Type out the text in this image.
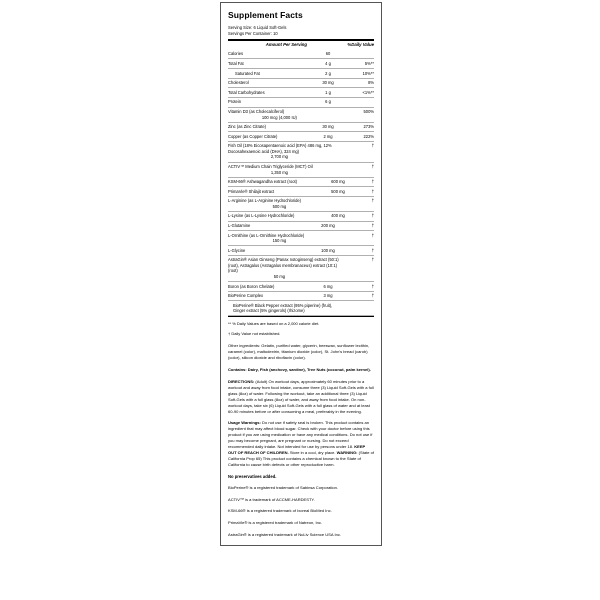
Supplement Facts
Serving Size: 6 Liquid Soft-Gels
Servings Per Container: 10
Amount Per Serving		%Daily Value
Calories	60	
Total Fat	4 g	5%**
Saturated Fat	2 g	10%**
Cholesterol	30 mg	8%
Total Carbohydrates	1 g	<1%**
Protein	6 g	
Vitamin D3 (as Cholecalciferol)
100 mcg (4,000 IU)		500%
Zinc (as Zinc Citrate)	30 mg	273%
Copper (as Copper Citrate)	2 mg	222%
Fish Oil (18% Eicosapentaenoic acid (EPA) 486 mg, 12% Docosahexaenoic acid (DHA), 324 mg)
2,700 mg		†
ACTIV™ Medium Chain Triglyceride (MCT) Oil
1,350 mg		†
KSM-66® Ashwagandha extract (root) 600 mg		†
PrimaVie® Shilajit extract 500 mg		†
L-Arginine (as L-Arginine Hydrochloride)
500 mg		†
L-Lysine (as L-Lysine Hydrochloride) 400 mg		†
L-Glutamine	200 mg	†
L-Ornithine (as L-Ornithine Hydrochloride)
150 mg		†
L-Glycine	100 mg	†
AstraGin® Asian Ginseng (Panax notoginseng) extract (50:1) (root), Astragalus (Astragalus membranaceus) extract (10:1) (root)
50 mg		†
Boron (as Boron Chelate)	6 mg	†
BioPerine Complex	3 mg	†
BioPerine® Black Pepper extract (95% piperine) (fruit), Ginger extract (5% gingerols) (rhizome)		
** % Daily Values are based on a 2,000 calorie diet.
† Daily Value not established.
Other ingredients: Gelatin, purified water, glycerin, beeswax, sunflower lecithin, caramel (color), maltodextrin, titanium dioxide (color), St. John's bread (carob)(color), silicon dioxide and riboflavin (color).
Contains: Dairy, Fish (anchovy, sardine), Tree Nuts (coconut, palm kernel).
DIRECTIONS: (Adult) On workout days, approximately 60 minutes prior to a workout and away from food intake, consume three (3) Liquid Soft-Gels with a full glass (8oz) of water. Following the workout, take an additional three (3) Liquid Soft-Gels with a full glass (8oz) of water, and away from food intake. On non-workout days, take six (6) Liquid Soft-Gels with a full glass of water and at least 60-90 minutes before or after consuming a meal, preferably in the evening.
Usage Warnings: Do not use if safety seal is broken. This product contains an ingredient that may affect blood sugar. Check with your doctor before using this product if you are using medication or have any medical conditions. Do not use if you may become pregnant, are pregnant or nursing. Do not exceed recommended daily intake. Not intended for use by persons under 18. KEEP OUT OF REACH OF CHILDREN. Store in a cool, dry place. WARNING: (State of California Prop 65) This product contains a chemical known to the State of California to cause birth defects or other reproductive harm.
No preservatives added.
BioPerine® is a registered trademark of Sabinsa Corporation.
ACTIV™ is a trademark of ACCME-HARDESTY.
KSM-66® is a registered trademark of Ixoreal BioMed Inc.
PrimaVie® is a registered trademark of Natreon, Inc.
AstraGin® is a registered trademark of NuLiv Science USA Inc.
